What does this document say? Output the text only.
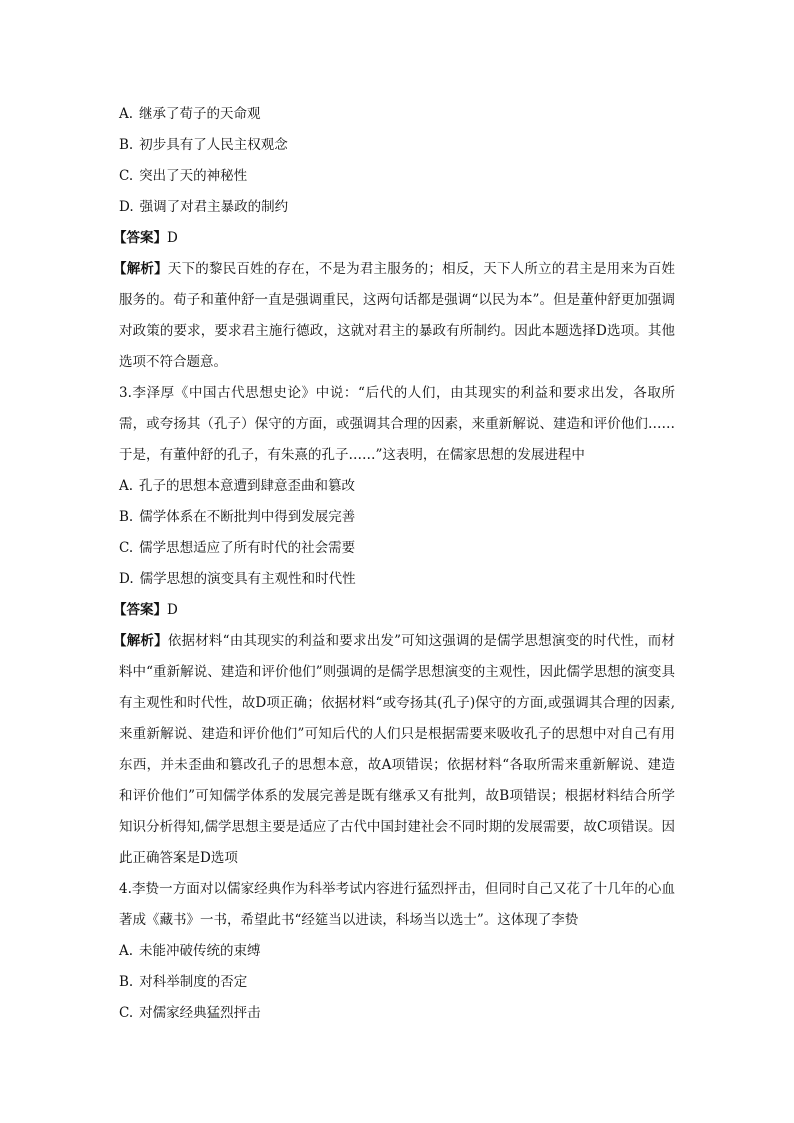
A. 继承了荀子的天命观
B. 初步具有了人民主权观念
C. 突出了天的神秘性
D. 强调了对君主暴政的制约
【答案】D
【解析】天下的黎民百姓的存在，不是为君主服务的；相反，天下人所立的君主是用来为百姓服务的。荀子和董仲舒一直是强调重民，这两句话都是强调“以民为本”。但是董仲舒更加强调对政策的要求，要求君主施行德政，这就对君主的暴政有所制约。因此本题选择D选项。其他选项不符合题意。
3.李泽厚《中国古代思想史论》中说：“后代的人们，由其现实的利益和要求出发，各取所需，或夸扬其（孔子）保守的方面，或强调其合理的因素，来重新解说、建造和评价他们……于是，有董仲舒的孔子，有朱熹的孔子……”这表明，在儒家思想的发展进程中
A. 孔子的思想本意遭到肆意歪曲和篡改
B. 儒学体系在不断批判中得到发展完善
C. 儒学思想适应了所有时代的社会需要
D. 儒学思想的演变具有主观性和时代性
【答案】D
【解析】依据材料“由其现实的利益和要求出发”可知这强调的是儒学思想演变的时代性，而材料中“重新解说、建造和评价他们”则强调的是儒学思想演变的主观性，因此儒学思想的演变具有主观性和时代性，故D项正确；依据材料“或夸扬其(孔子)保守的方面,或强调其合理的因素,来重新解说、建造和评价他们”可知后代的人们只是根据需要来吸收孔子的思想中对自己有用东西，并未歪曲和篡改孔子的思想本意，故A项错误；依据材料“各取所需来重新解说、建造和评价他们”可知儒学体系的发展完善是既有继承又有批判，故B项错误；根据材料结合所学知识分析得知,儒学思想主要是适应了古代中国封建社会不同时期的发展需要，故C项错误。因此正确答案是D选项
4.李贽一方面对以儒家经典作为科举考试内容进行猛烈抨击，但同时自己又花了十几年的心血著成《藏书》一书，希望此书“经筵当以进读，科场当以选士”。这体现了李贽
A. 未能冲破传统的束缚
B. 对科举制度的否定
C. 对儒家经典猛烈抨击
